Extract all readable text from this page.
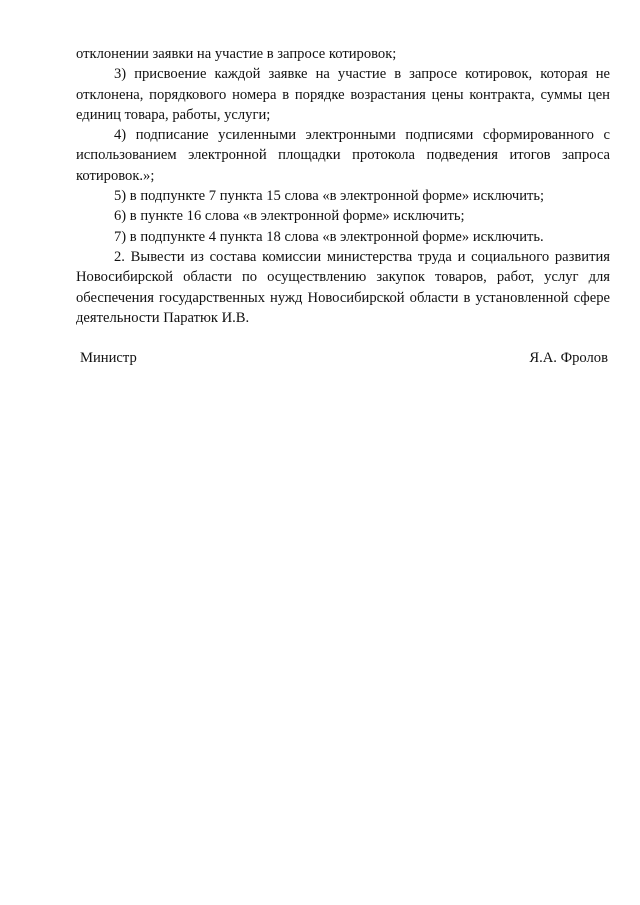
отклонении заявки на участие в запросе котировок;

3) присвоение каждой заявке на участие в запросе котировок, которая не отклонена, порядкового номера в порядке возрастания цены контракта, суммы цен единиц товара, работы, услуги;

4) подписание усиленными электронными подписями сформированного с использованием электронной площадки протокола подведения итогов запроса котировок.»;

5) в подпункте 7 пункта 15 слова «в электронной форме» исключить;

6) в пункте 16 слова «в электронной форме» исключить;

7) в подпункте 4 пункта 18 слова «в электронной форме» исключить.

2. Вывести из состава комиссии министерства труда и социального развития Новосибирской области по осуществлению закупок товаров, работ, услуг для обеспечения государственных нужд Новосибирской области в установленной сфере деятельности Паратюк И.В.

Министр	Я.А. Фролов
